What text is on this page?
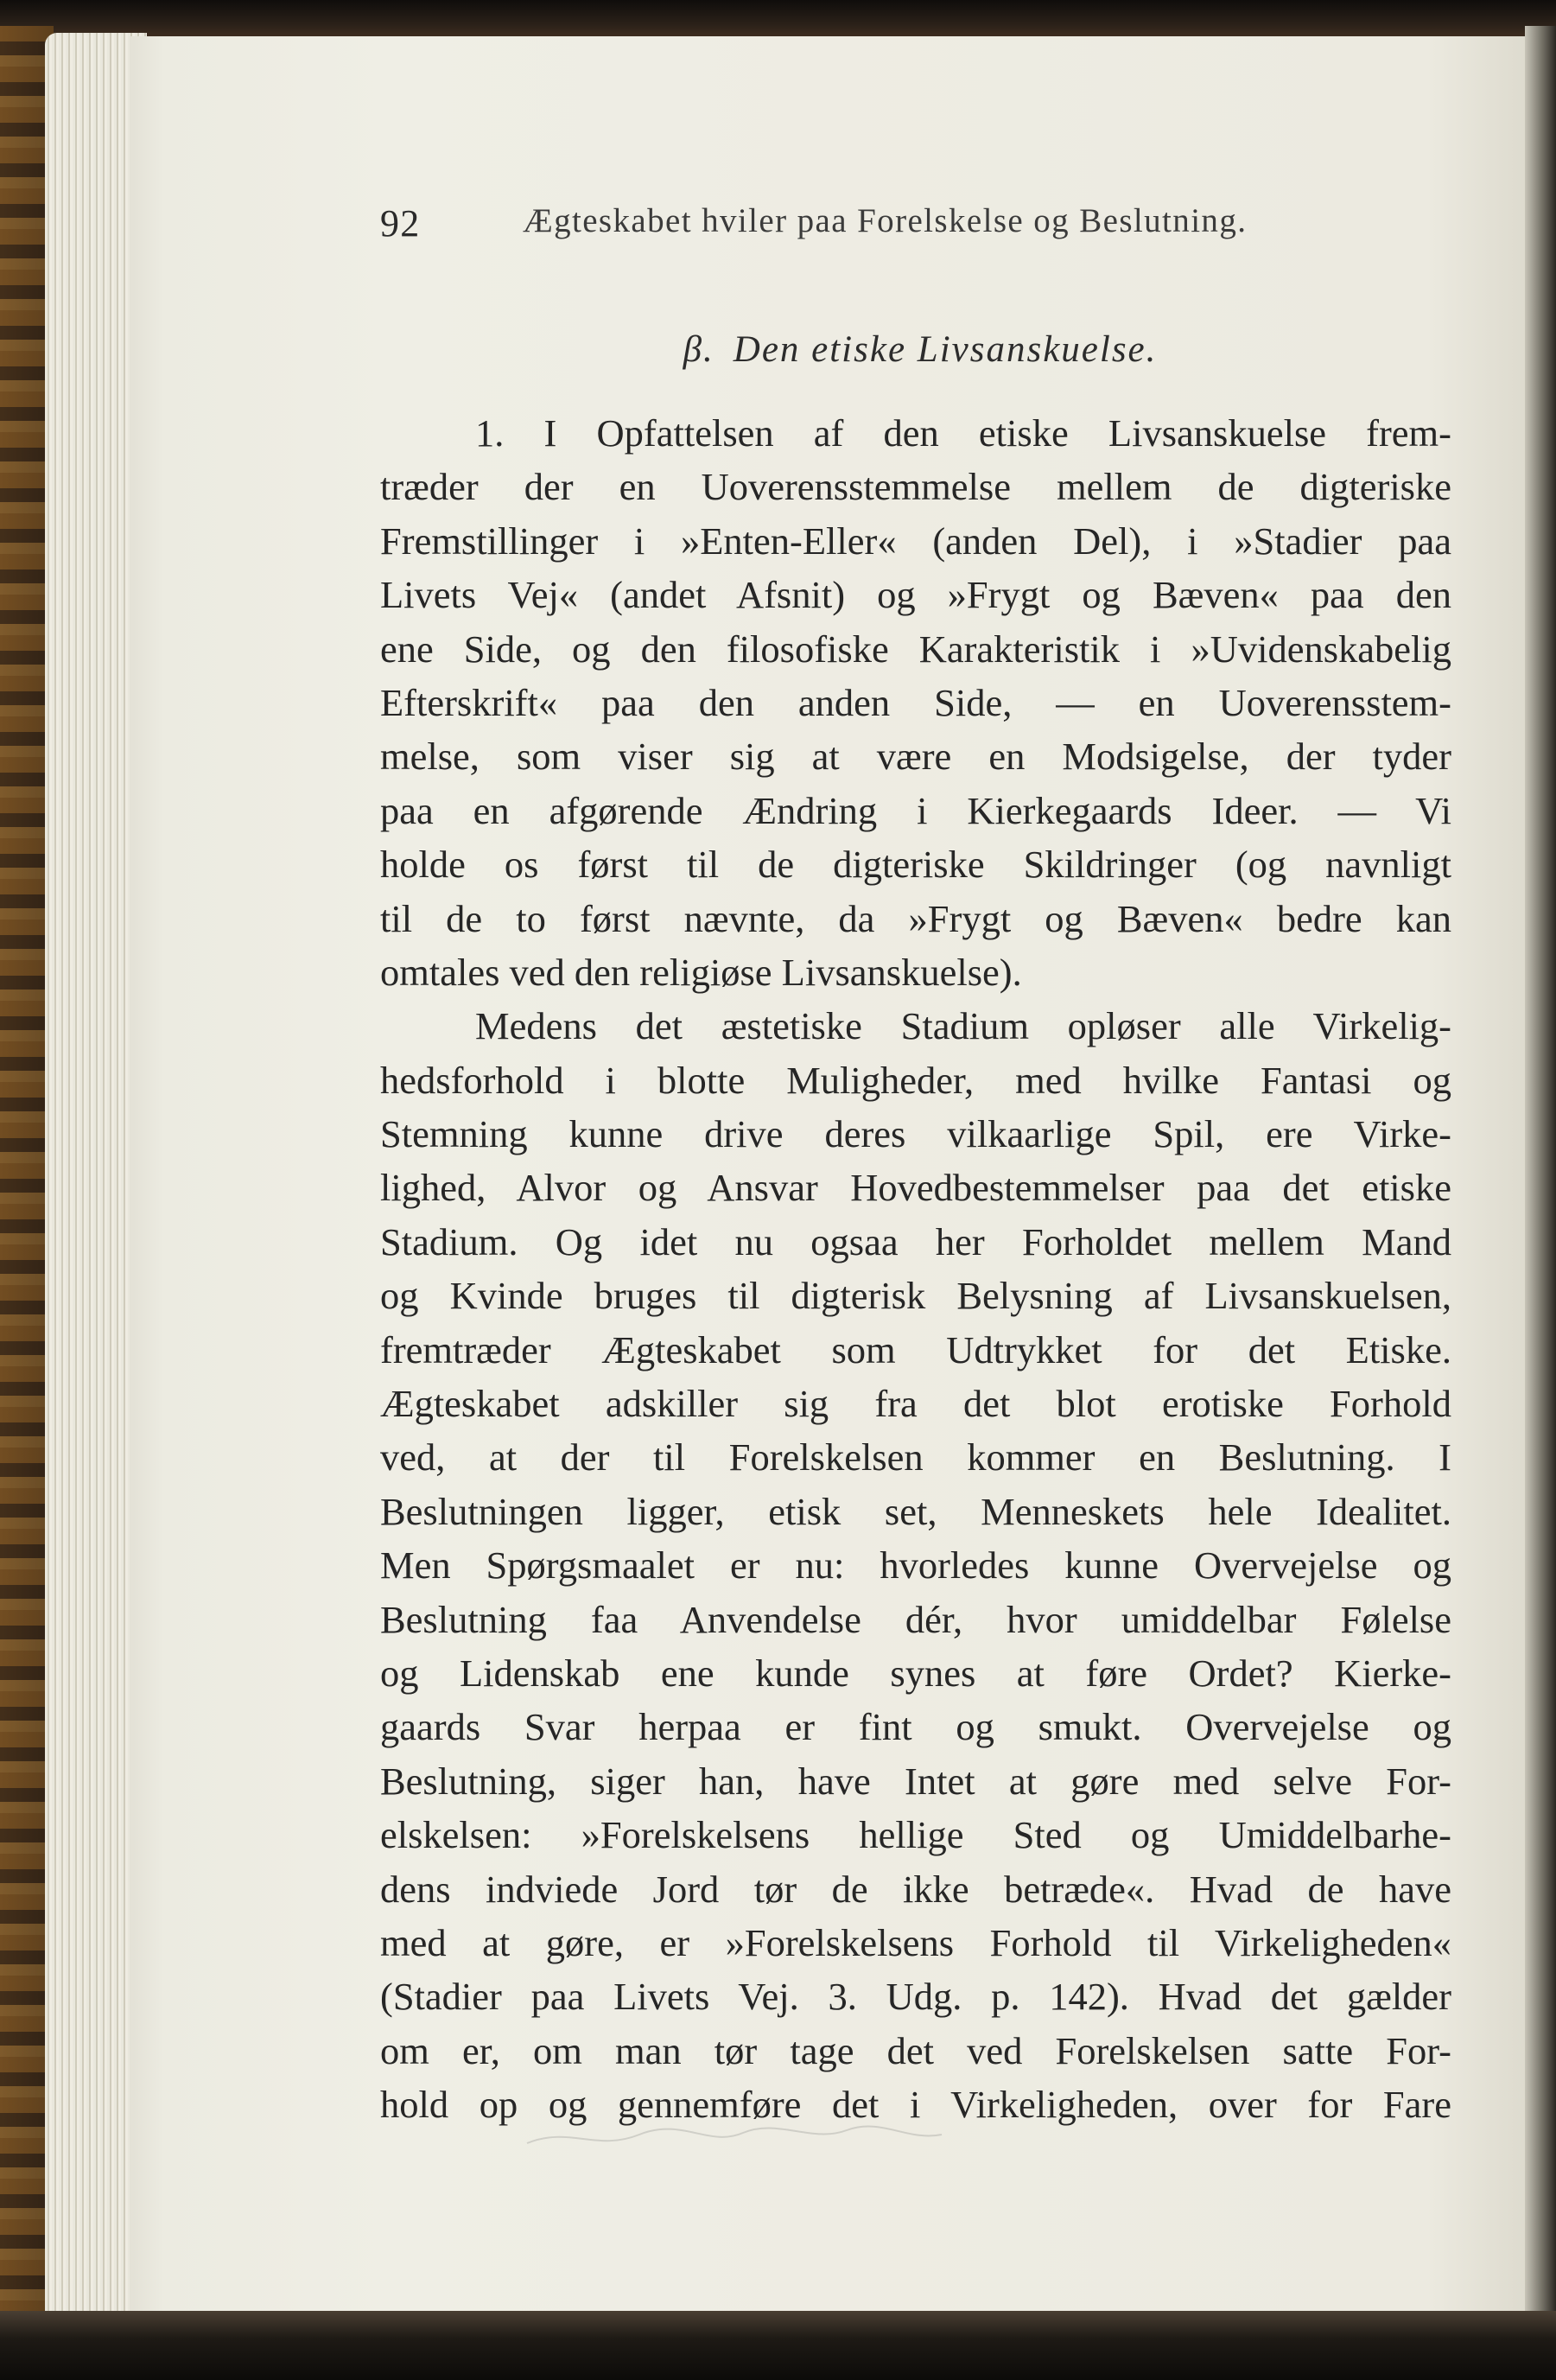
92	Ægteskabet hviler paa Forelskelse og Beslutning.
β. Den etiske Livsanskuelse.
1. I Opfattelsen af den etiske Livsanskuelse frem-
træder der en Uoverensstemmelse mellem de digteriske
Fremstillinger i »Enten-Eller« (anden Del), i »Stadier paa
Livets Vej« (andet Afsnit) og »Frygt og Bæven« paa den
ene Side, og den filosofiske Karakteristik i »Uvidenskabelig
Efterskrift« paa den anden Side, — en Uoverensstem-
melse, som viser sig at være en Modsigelse, der tyder
paa en afgørende Ændring i Kierkegaards Ideer. — Vi
holde os først til de digteriske Skildringer (og navnligt
til de to først nævnte, da »Frygt og Bæven« bedre kan
omtales ved den religiøse Livsanskuelse).
Medens det æstetiske Stadium opløser alle Virkelig-
hedsforhold i blotte Muligheder, med hvilke Fantasi og
Stemning kunne drive deres vilkaarlige Spil, ere Virke-
lighed, Alvor og Ansvar Hovedbestemmelser paa det etiske
Stadium. Og idet nu ogsaa her Forholdet mellem Mand
og Kvinde bruges til digterisk Belysning af Livsanskuelsen,
fremtræder Ægteskabet som Udtrykket for det Etiske.
Ægteskabet adskiller sig fra det blot erotiske Forhold
ved, at der til Forelskelsen kommer en Beslutning. I
Beslutningen ligger, etisk set, Menneskets hele Idealitet.
Men Spørgsmaalet er nu: hvorledes kunne Overvejelse og
Beslutning faa Anvendelse dér, hvor umiddelbar Følelse
og Lidenskab ene kunde synes at føre Ordet? Kierke-
gaards Svar herpaa er fint og smukt. Overvejelse og
Beslutning, siger han, have Intet at gøre med selve For-
elskelsen: »Forelskelsens hellige Sted og Umiddelbarhe-
dens indviede Jord tør de ikke betræde«. Hvad de have
med at gøre, er »Forelskelsens Forhold til Virkeligheden«
(Stadier paa Livets Vej. 3. Udg. p. 142). Hvad det gælder
om er, om man tør tage det ved Forelskelsen satte For-
hold op og gennemføre det i Virkeligheden, over for Fare
